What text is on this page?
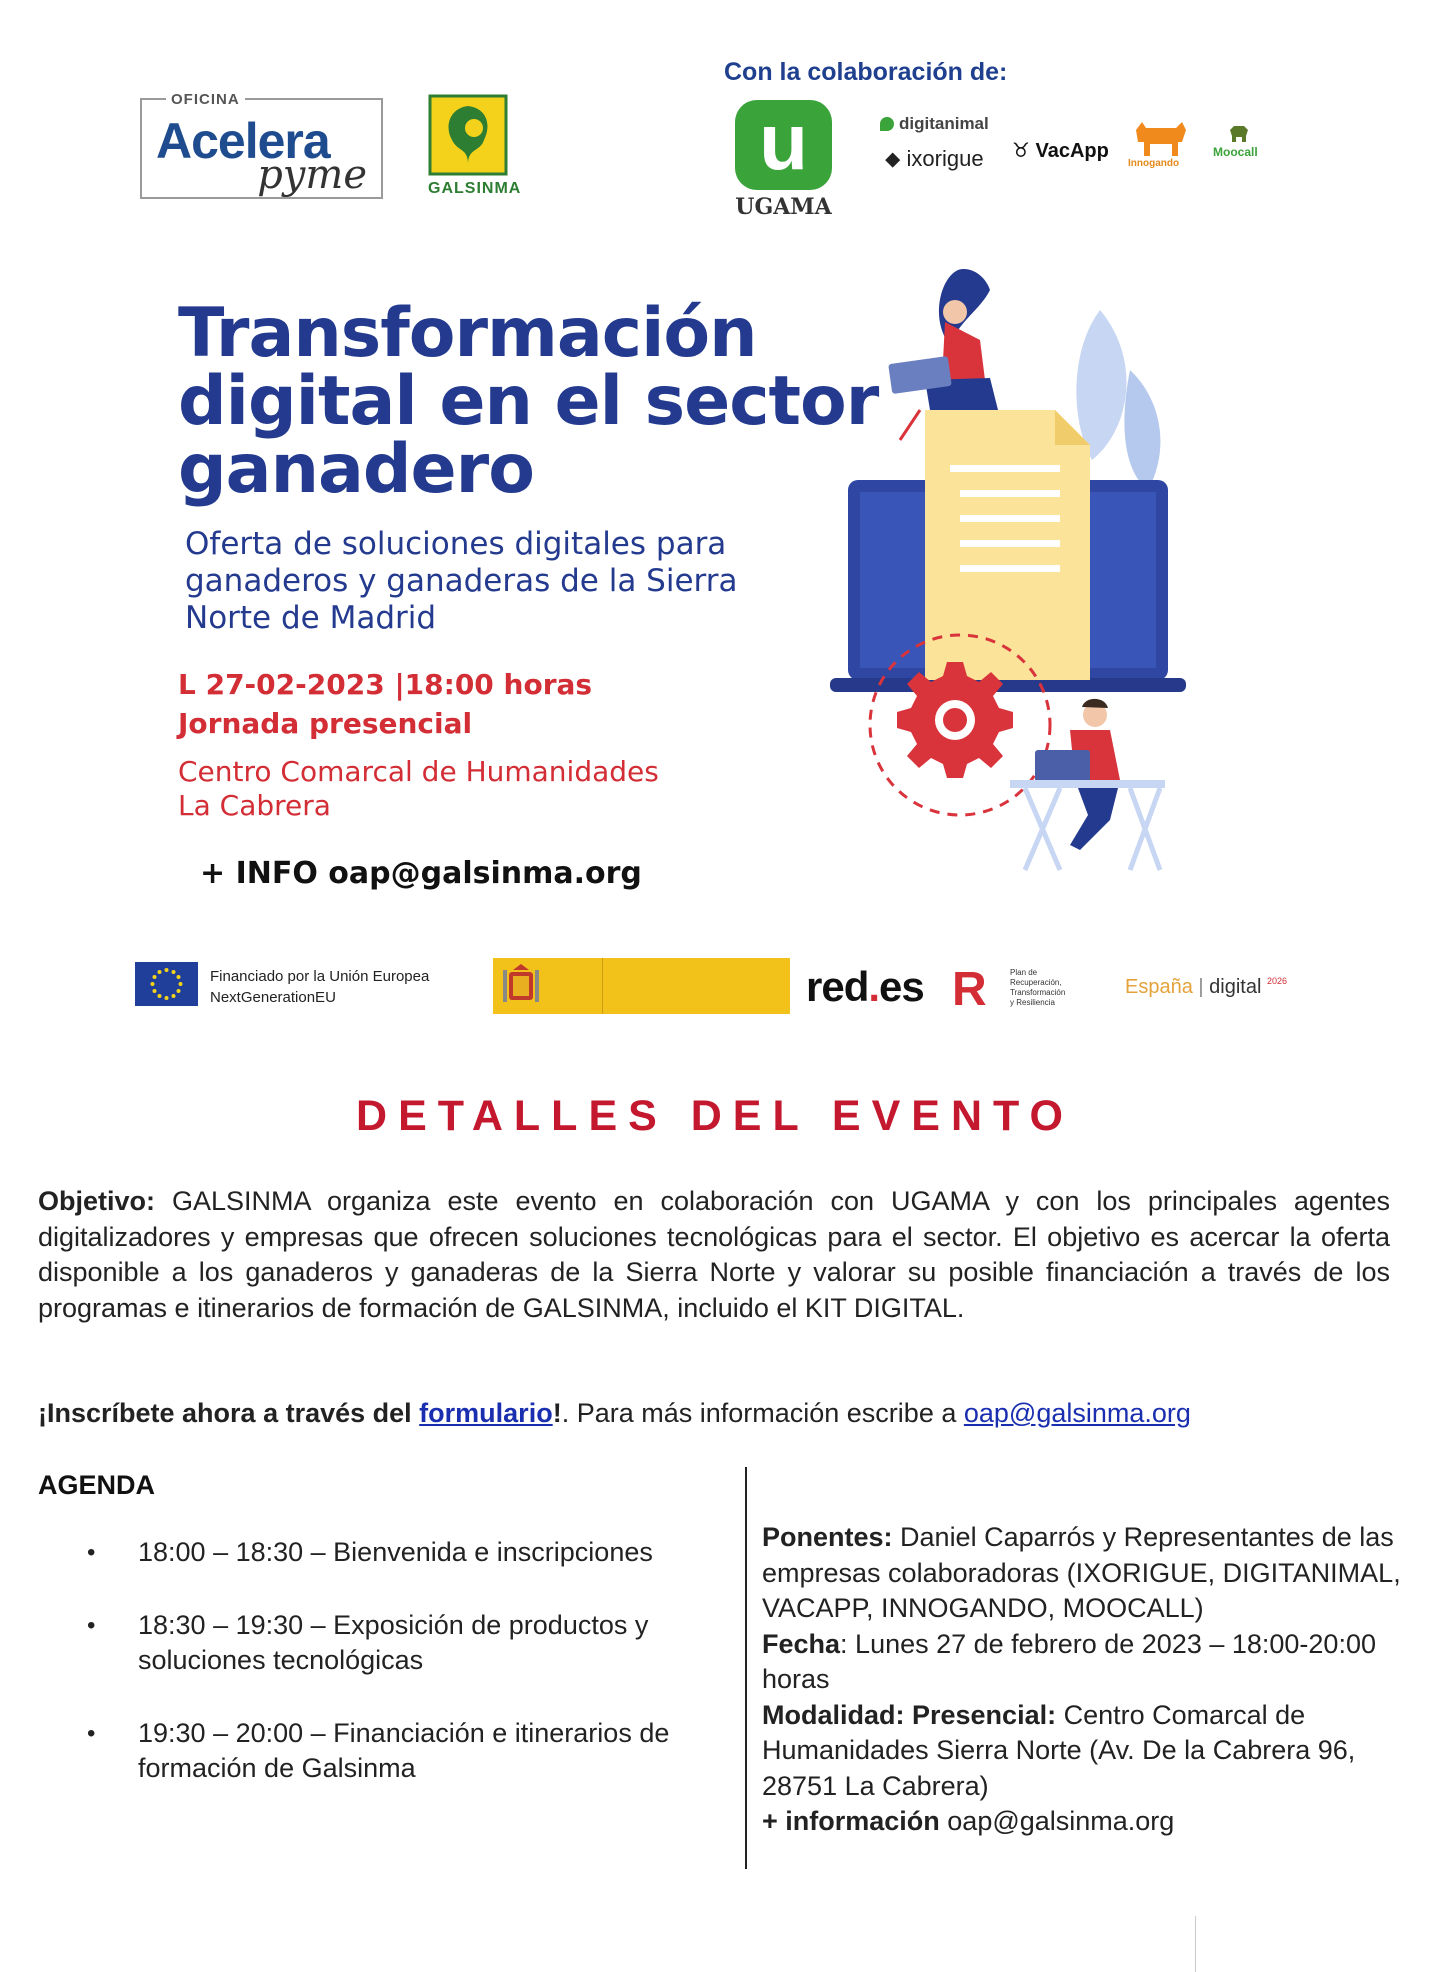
OFICINA
Acelera
pyme	GALSINMA
Con la colaboración de:
u
UGAMA
digitanimal
⬥ ixorigue ♉ VacApp
Innogando
Moocall
Transformación digital en el sector ganadero
Oferta de soluciones digitales para ganaderos y ganaderas de la Sierra Norte de Madrid
L 27-02-2023 |18:00 horas
Jornada presencial
Centro Comarcal de Humanidades
La Cabrera
+ INFO oap@galsinma.org
Financiado por la Unión Europea
NextGenerationEU	red.es R	Plan de
Recuperación,
Transformación
y Resiliencia
España | digital $^{2026}$
DETALLES DEL EVENTO
Objetivo: GALSINMA organiza este evento en colaboración con UGAMA y con los principales agentes digitalizadores y empresas que ofrecen soluciones tecnológicas para el sector. El objetivo es acercar la oferta disponible a los ganaderos y ganaderas de la Sierra Norte y valorar su posible financiación a través de los programas e itinerarios de formación de GALSINMA, incluido el KIT DIGITAL.
¡Inscríbete ahora a través del formulario!. Para más información escribe a oap@galsinma.org
AGENDA
• 18:00 – 18:30 – Bienvenida e inscripciones
• 18:30 – 19:30 – Exposición de productos y soluciones tecnológicas
• 19:30 – 20:00 – Financiación e itinerarios de formación de Galsinma
Ponentes: Daniel Caparrós y Representantes de las empresas colaboradoras (IXORIGUE, DIGITANIMAL, VACAPP, INNOGANDO, MOOCALL)
Fecha: Lunes 27 de febrero de 2023 – 18:00-20:00 horas
Modalidad: Presencial: Centro Comarcal de Humanidades Sierra Norte (Av. De la Cabrera 96, 28751 La Cabrera)
+ información oap@galsinma.org
